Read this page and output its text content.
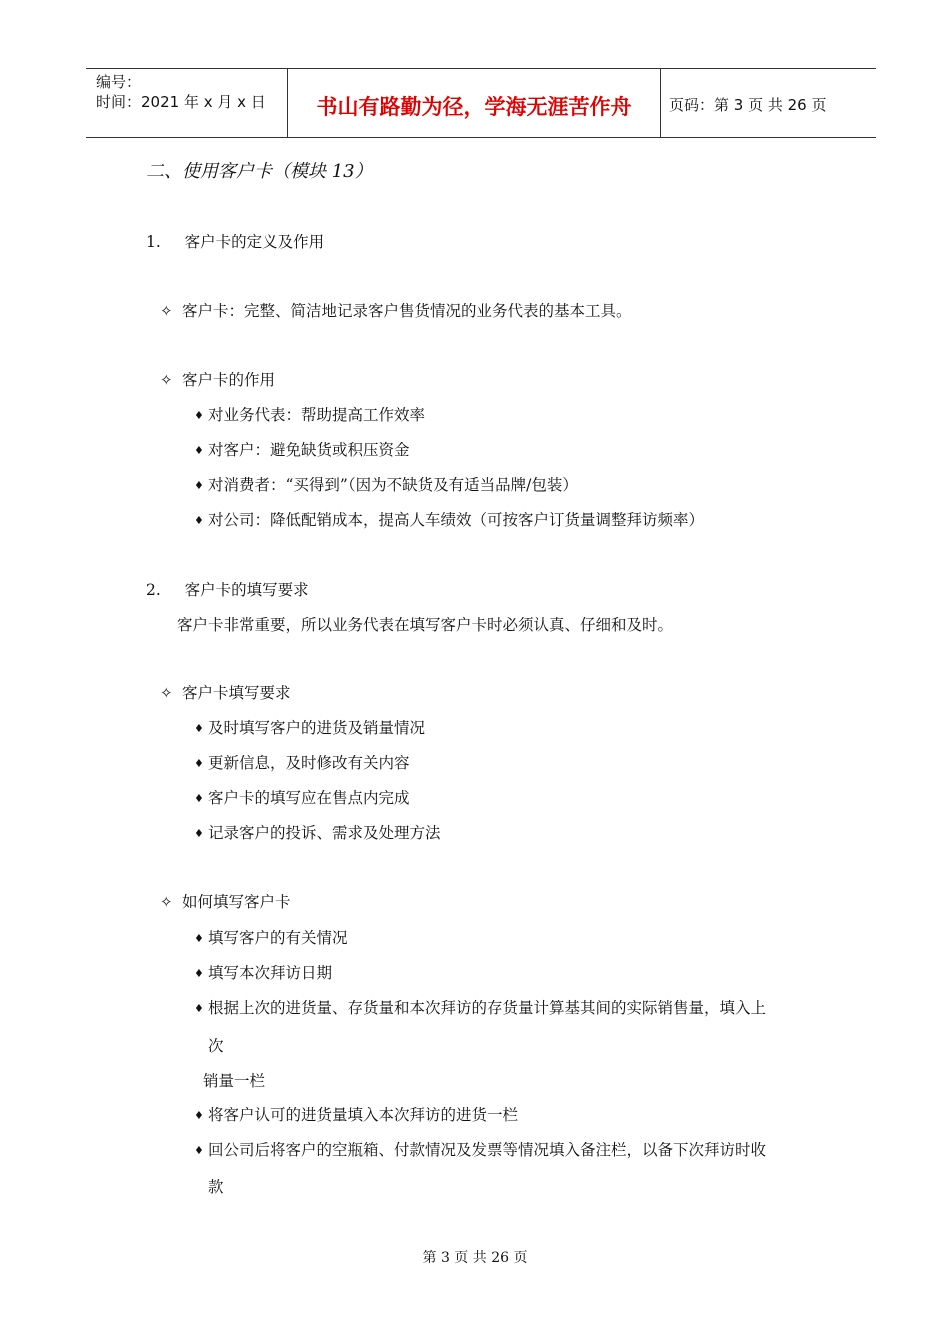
编号：
时间：2021 年 x 月 x 日	书山有路勤为径，学海无涯苦作舟	页码：第 3 页 共 26 页
二、使用客户卡（模块 13）
1. 客户卡的定义及作用
✧ 客户卡：完整、简洁地记录客户售货情况的业务代表的基本工具。
✧ 客户卡的作用
♦ 对业务代表：帮助提高工作效率
♦ 对客户：避免缺货或积压资金
♦ 对消费者：“买得到”（因为不缺货及有适当品牌/包装）
♦ 对公司：降低配销成本，提高人车绩效（可按客户订货量调整拜访频率）
2. 客户卡的填写要求
客户卡非常重要，所以业务代表在填写客户卡时必须认真、仔细和及时。
✧ 客户卡填写要求
♦ 及时填写客户的进货及销量情况
♦ 更新信息，及时修改有关内容
♦ 客户卡的填写应在售点内完成
♦ 记录客户的投诉、需求及处理方法
✧ 如何填写客户卡
♦ 填写客户的有关情况
♦ 填写本次拜访日期
♦ 根据上次的进货量、存货量和本次拜访的存货量计算基其间的实际销售量，填入上
次
销量一栏
♦ 将客户认可的进货量填入本次拜访的进货一栏
♦ 回公司后将客户的空瓶箱、付款情况及发票等情况填入备注栏，以备下次拜访时收
款
第 3 页 共 26 页
